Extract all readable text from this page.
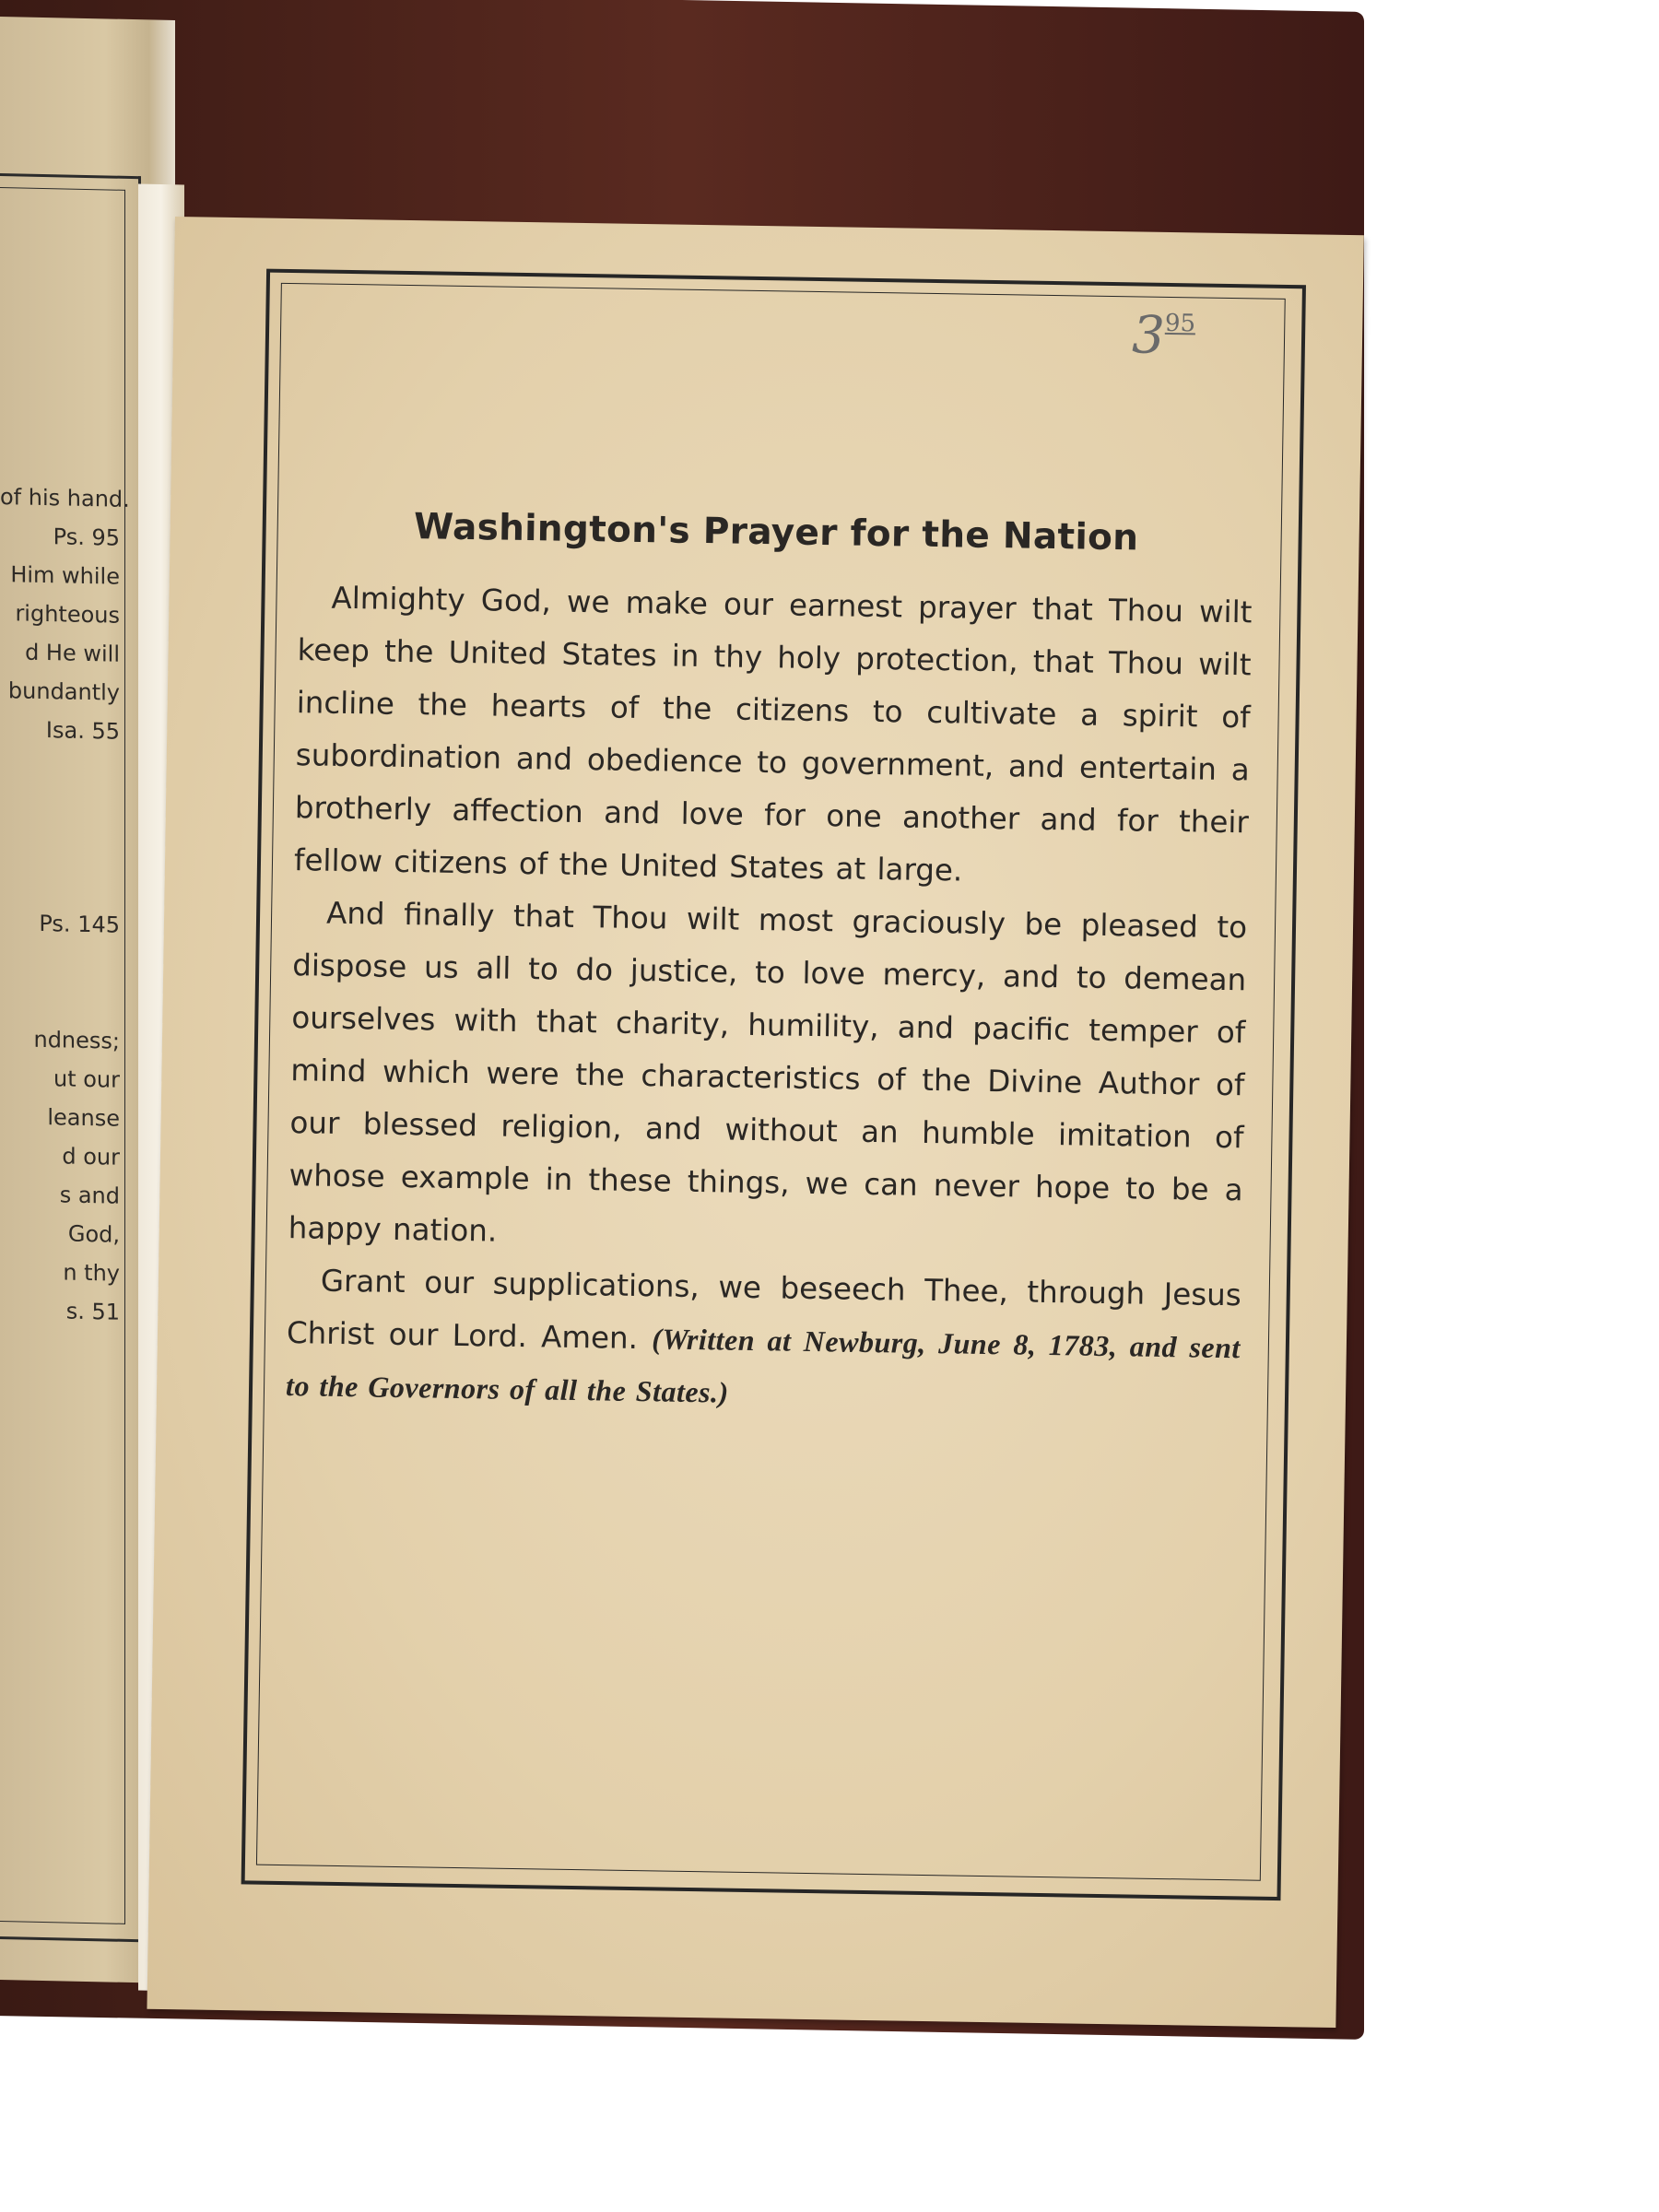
of his hand.
Ps. 95
Him while
righteous
d He will
bundantly
Isa. 55

Ps. 145

ndness;
ut our
leanse
d our
s and
God,
n thy
s. 51
395
Washington's Prayer for the Nation

Almighty God, we make our earnest prayer that Thou wilt keep the United States in thy holy protection, that Thou wilt incline the hearts of the citizens to cultivate a spirit of subordination and obedience to government, and entertain a brotherly affection and love for one another and for their fellow citizens of the United States at large.

And finally that Thou wilt most graciously be pleased to dispose us all to do justice, to love mercy, and to demean ourselves with that charity, humility, and pacific temper of mind which were the characteristics of the Divine Author of our blessed religion, and without an humble imitation of whose example in these things, we can never hope to be a happy nation.

Grant our supplications, we beseech Thee, through Jesus Christ our Lord. Amen. (Written at Newburg, June 8, 1783, and sent to the Governors of all the States.)
